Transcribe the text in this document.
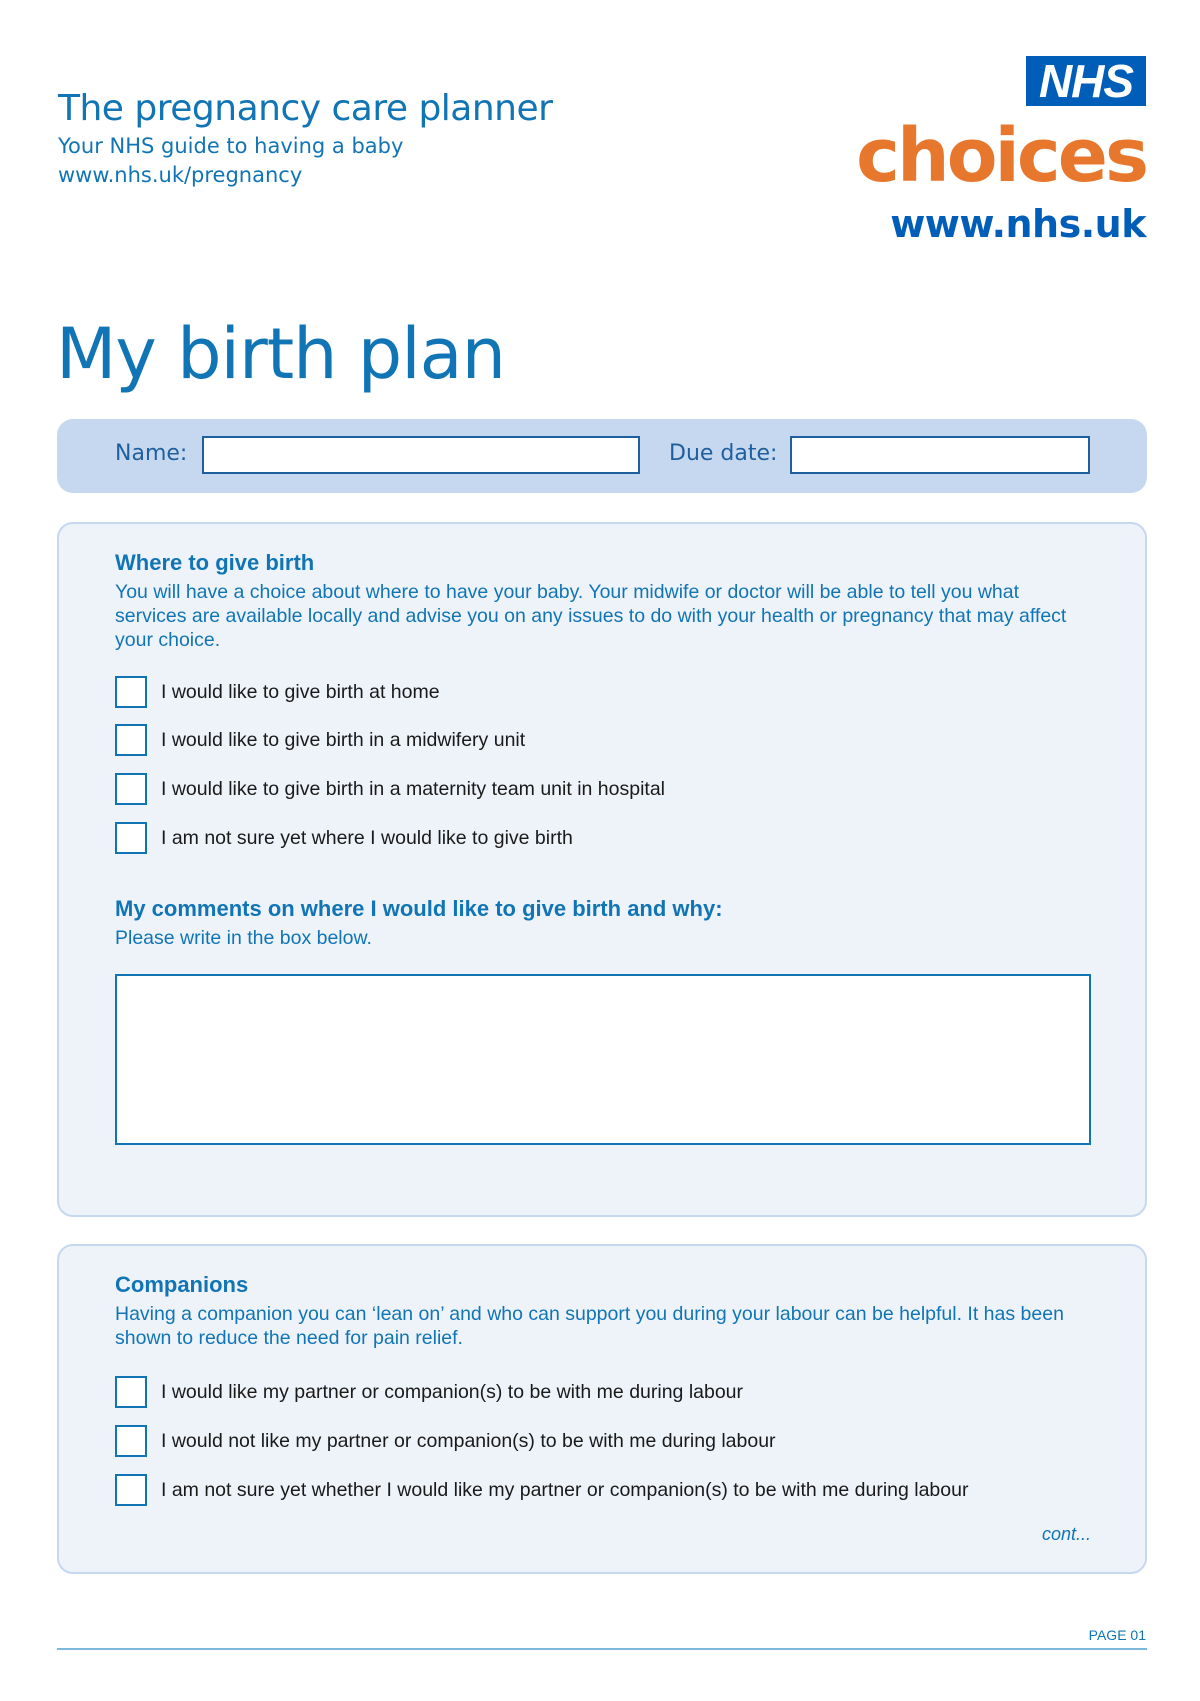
The pregnancy care planner
Your NHS guide to having a baby
www.nhs.uk/pregnancy
NHS
choices
www.nhs.uk
My birth plan
Name:	Due date:
Where to give birth
You will have a choice about where to have your baby. Your midwife or doctor will be able to tell you what services are available locally and advise you on any issues to do with your health or pregnancy that may affect your choice.
I would like to give birth at home
I would like to give birth in a midwifery unit
I would like to give birth in a maternity team unit in hospital
I am not sure yet where I would like to give birth
My comments on where I would like to give birth and why:
Please write in the box below.
Companions
Having a companion you can ‘lean on’ and who can support you during your labour can be helpful. It has been shown to reduce the need for pain relief.
I would like my partner or companion(s) to be with me during labour
I would not like my partner or companion(s) to be with me during labour
I am not sure yet whether I would like my partner or companion(s) to be with me during labour
cont...
PAGE 01
